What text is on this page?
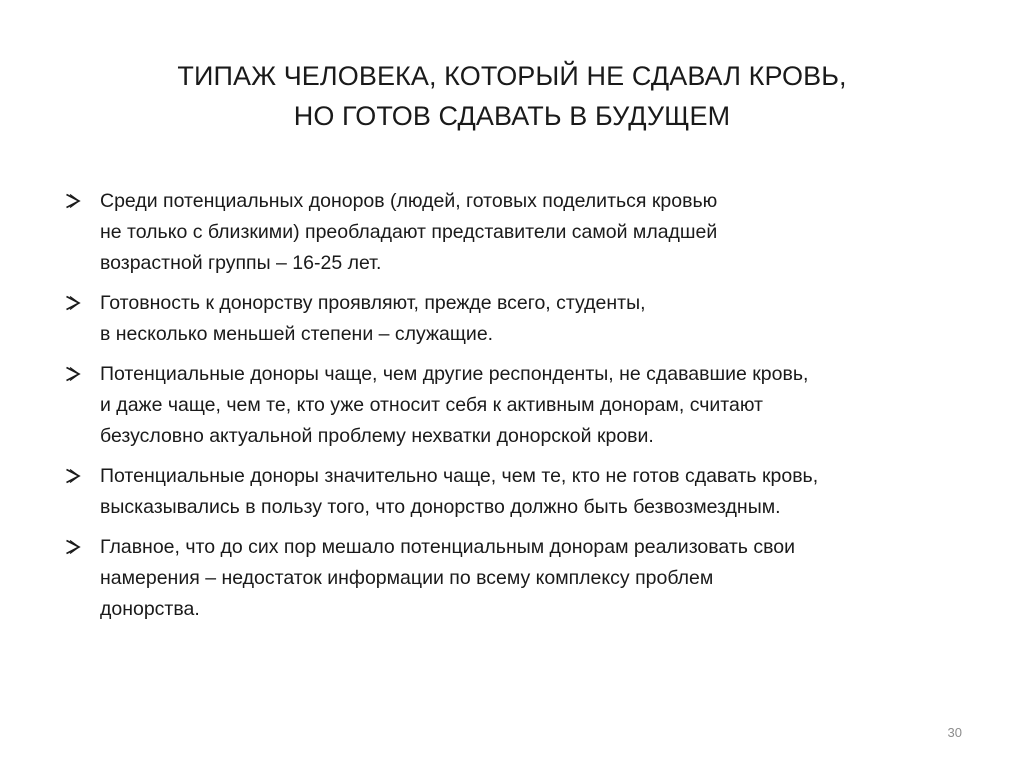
ТИПАЖ ЧЕЛОВЕКА, КОТОРЫЙ НЕ СДАВАЛ КРОВЬ,
НО ГОТОВ СДАВАТЬ В БУДУЩЕМ
Среди потенциальных доноров (людей, готовых поделиться кровью
не только с близкими) преобладают представители самой младшей
возрастной группы – 16-25 лет.
Готовность к донорству проявляют, прежде всего, студенты,
в несколько меньшей степени – служащие.
Потенциальные доноры чаще, чем другие респонденты, не сдававшие кровь,
и даже чаще, чем те, кто уже относит себя к активным донорам, считают
безусловно актуальной проблему нехватки донорской крови.
Потенциальные доноры значительно чаще, чем те, кто не готов сдавать кровь,
высказывались в пользу того, что донорство должно быть безвозмездным.
Главное, что до сих пор мешало потенциальным донорам реализовать свои
намерения – недостаток информации по всему комплексу проблем
донорства.
30
